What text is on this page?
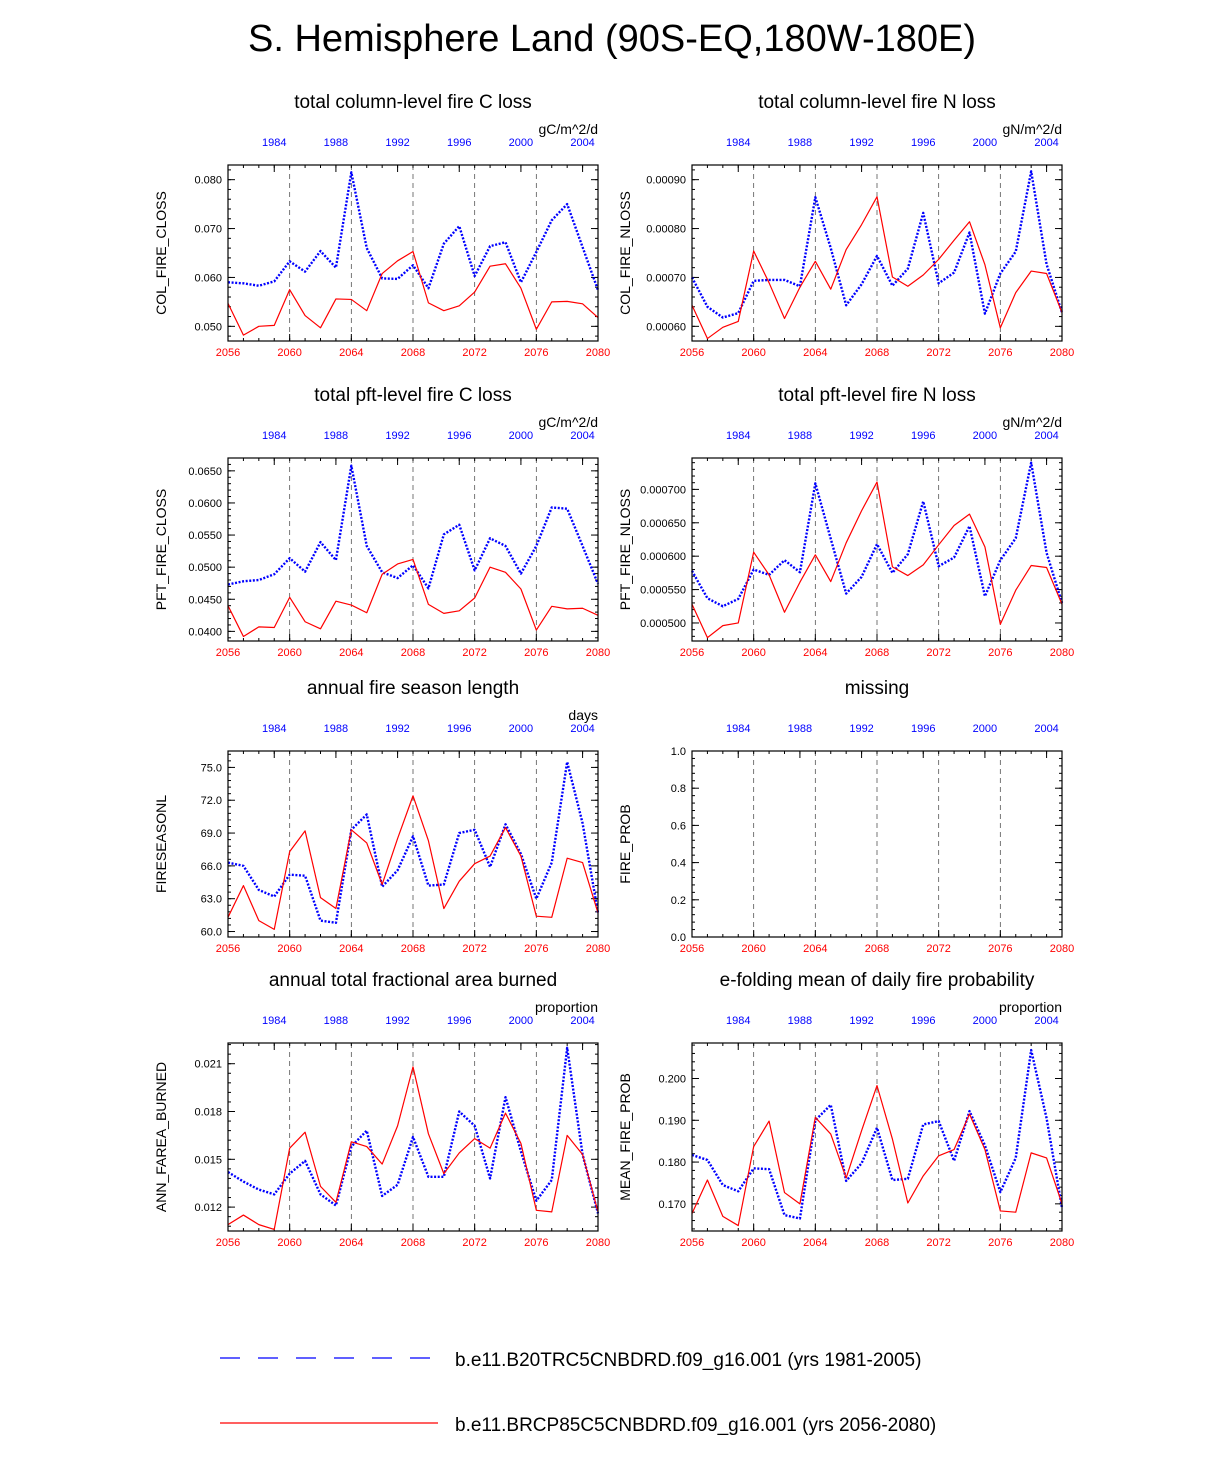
S. Hemisphere Land (90S-EQ,180W-180E)
total column-level fire C loss
gC/m^2/d
COL_FIRE_CLOSS
2056	2060	2064	2068	2072	2076	2080
1984	1988	1992	1996	2000	2004
0.050
0.060
0.070
0.080
total column-level fire N loss
gN/m^2/d
COL_FIRE_NLOSS
2056	2060	2064	2068	2072	2076	2080
1984	1988	1992	1996	2000	2004
0.00060
0.00070
0.00080
0.00090
total pft-level fire C loss
gC/m^2/d
PFT_FIRE_CLOSS
2056	2060	2064	2068	2072	2076	2080
1984	1988	1992	1996	2000	2004
0.0400
0.0450
0.0500
0.0550
0.0600
0.0650
total pft-level fire N loss
gN/m^2/d
PFT_FIRE_NLOSS
2056	2060	2064	2068	2072	2076	2080
1984	1988	1992	1996	2000	2004
0.000500
0.000550
0.000600
0.000650
0.000700
annual fire season length
days
FIRESEASONL
2056	2060	2064	2068	2072	2076	2080
1984	1988	1992	1996	2000	2004
60.0
63.0
66.0
69.0
72.0
75.0
missing
FIRE_PROB
2056	2060	2064	2068	2072	2076	2080
1984	1988	1992	1996	2000	2004
0.0
0.2
0.4
0.6
0.8
1.0
annual total fractional area burned
proportion
ANN_FAREA_BURNED
2056	2060	2064	2068	2072	2076	2080
1984	1988	1992	1996	2000	2004
0.012
0.015
0.018
0.021
e-folding mean of daily fire probability
proportion
MEAN_FIRE_PROB
2056	2060	2064	2068	2072	2076	2080
1984	1988	1992	1996	2000	2004
0.170
0.180
0.190
0.200
b.e11.B20TRC5CNBDRD.f09_g16.001 (yrs 1981-2005)
b.e11.BRCP85C5CNBDRD.f09_g16.001 (yrs 2056-2080)
